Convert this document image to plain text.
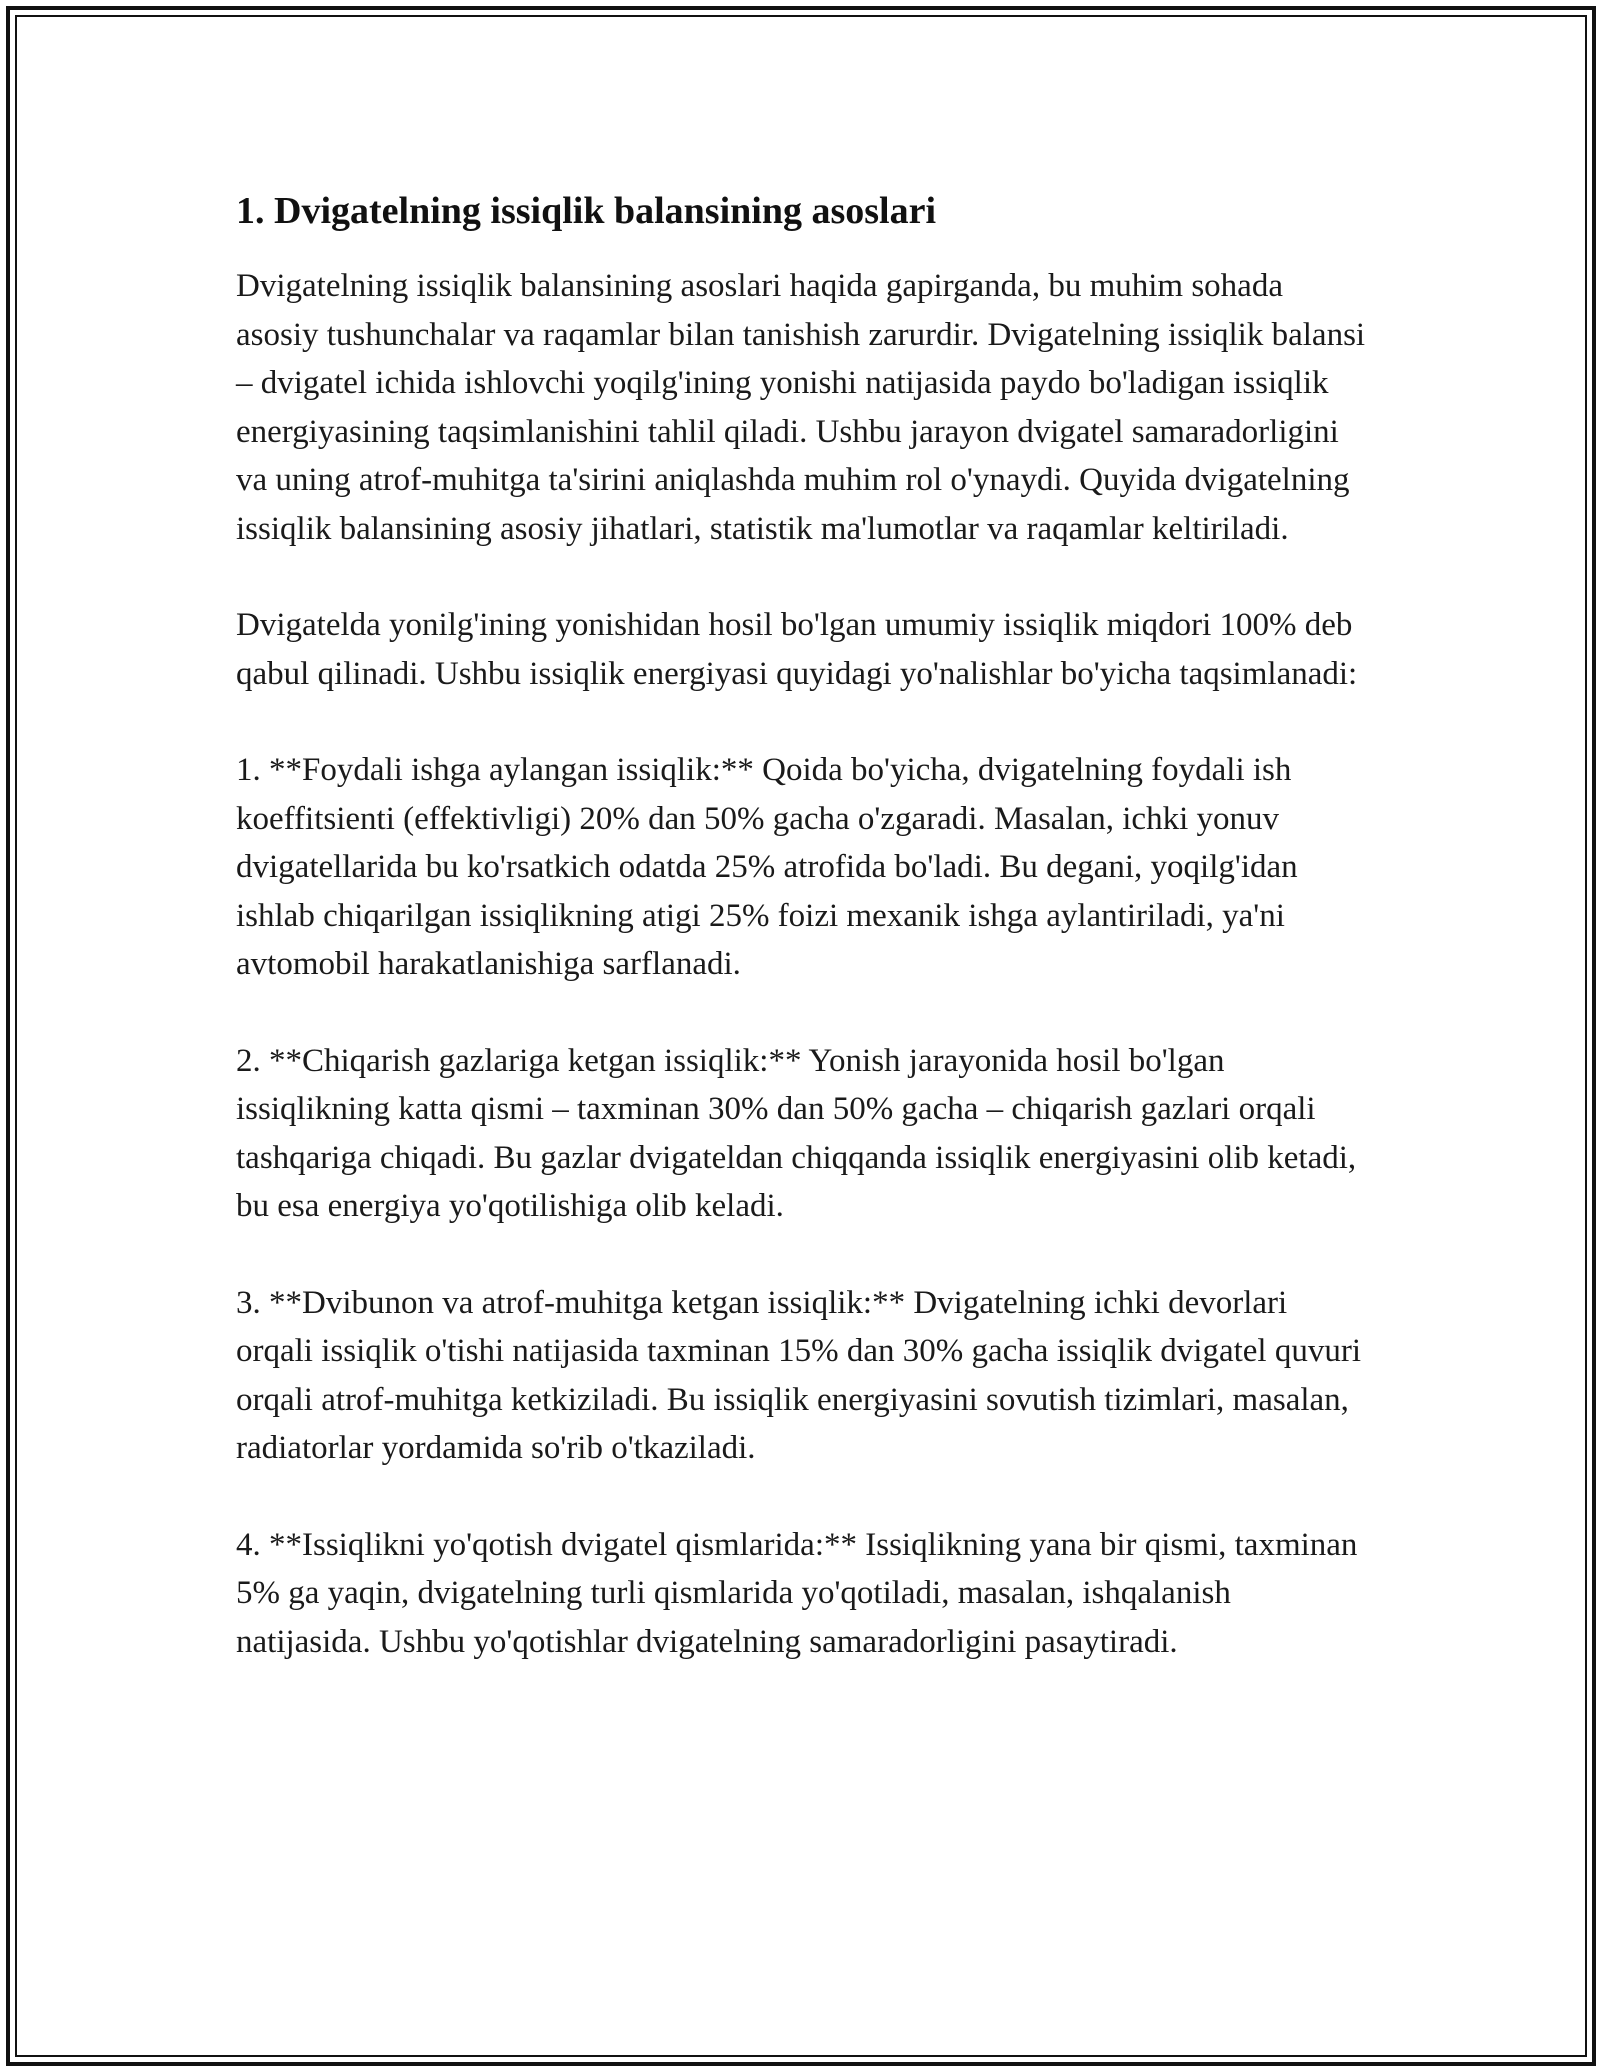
1. Dvigatelning issiqlik balansining asoslari

Dvigatelning issiqlik balansining asoslari haqida gapirganda, bu muhim sohada asosiy tushunchalar va raqamlar bilan tanishish zarurdir. Dvigatelning issiqlik balansi – dvigatel ichida ishlovchi yoqilg'ining yonishi natijasida paydo bo'ladigan issiqlik energiyasining taqsimlanishini tahlil qiladi. Ushbu jarayon dvigatel samaradorligini va uning atrof-muhitga ta'sirini aniqlashda muhim rol o'ynaydi. Quyida dvigatelning issiqlik balansining asosiy jihatlari, statistik ma'lumotlar va raqamlar keltiriladi.

Dvigatelda yonilg'ining yonishidan hosil bo'lgan umumiy issiqlik miqdori 100% deb qabul qilinadi. Ushbu issiqlik energiyasi quyidagi yo'nalishlar bo'yicha taqsimlanadi:

1. **Foydali ishga aylangan issiqlik:** Qoida bo'yicha, dvigatelning foydali ish koeffitsienti (effektivligi) 20% dan 50% gacha o'zgaradi. Masalan, ichki yonuv dvigatellarida bu ko'rsatkich odatda 25% atrofida bo'ladi. Bu degani, yoqilg'idan ishlab chiqarilgan issiqlikning atigi 25% foizi mexanik ishga aylantiriladi, ya'ni avtomobil harakatlanishiga sarflanadi.

2. **Chiqarish gazlariga ketgan issiqlik:** Yonish jarayonida hosil bo'lgan issiqlikning katta qismi – taxminan 30% dan 50% gacha – chiqarish gazlari orqali tashqariga chiqadi. Bu gazlar dvigateldan chiqqanda issiqlik energiyasini olib ketadi, bu esa energiya yo'qotilishiga olib keladi.

3. **Dvibunon va atrof-muhitga ketgan issiqlik:** Dvigatelning ichki devorlari orqali issiqlik o'tishi natijasida taxminan 15% dan 30% gacha issiqlik dvigatel quvuri orqali atrof-muhitga ketkiziladi. Bu issiqlik energiyasini sovutish tizimlari, masalan, radiatorlar yordamida so'rib o'tkaziladi.

4. **Issiqlikni yo'qotish dvigatel qismlarida:** Issiqlikning yana bir qismi, taxminan 5% ga yaqin, dvigatelning turli qismlarida yo'qotiladi, masalan, ishqalanish natijasida. Ushbu yo'qotishlar dvigatelning samaradorligini pasaytiradi.
